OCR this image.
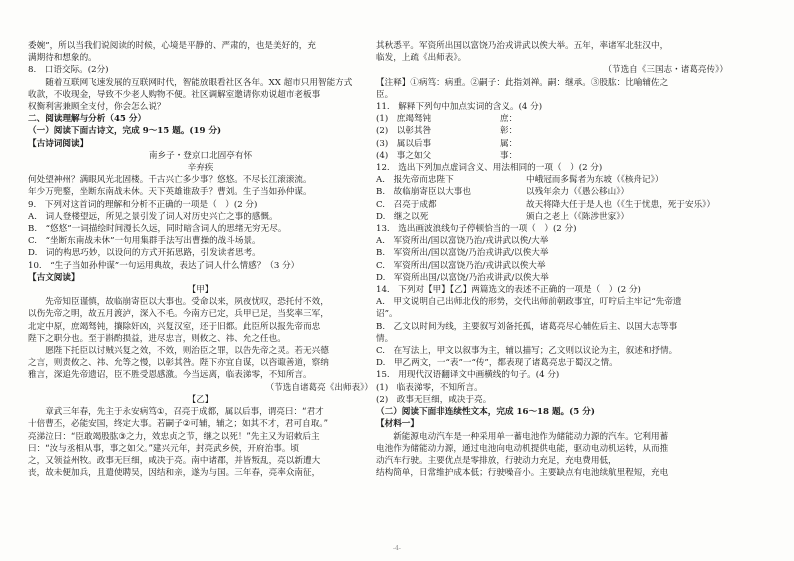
委婉”，所以当我们说阅读的时候，心境是平静的、严肃的，也是美好的，充
满期待和想象的。
8.　口语交际。(2分)
随着互联网飞速发展的互联网时代，智能放眼看社区各年。XX 超市只用智能方式
收款，不收现金，导致不少老人购物不便。社区调解室邀请你劝说超市老板事
权衡利害兼顾全支付，你会怎么说？
二、阅读理解与分析（45 分）
（一）阅读下面古诗文，完成 9～15 题。(19 分)
【古诗词阅读】
南乡子・登京口北固亭有怀
辛弃疾
何处望神州？满眼风光北固楼。千古兴亡多少事？悠悠。不尽长江滚滚流。
年少万兜鍪，坐断东南战未休。天下英雄谁敌手？曹刘。生子当如孙仲谋。
9.　下列对这首词的理解和分析不正确的一项是（　）(2 分)
A.　词人登楼望远，所见之景引发了词人对历史兴亡之事的感慨。
B.　“悠悠”一词描绘时间漫长久远，同时暗含词人的思绪无穷无尽。
C.　“坐断东南战未休”一句用集群手法写出曹操的战斗场景。
D.　词的构思巧妙，以设问的方式开拓思路，引发读者思考。
10.　“生子当如孙仲谋”一句运用典故，表达了词人什么情感？（3 分）
【古文阅读】
【甲】
先帝知臣谨慎，故临崩寄臣以大事也。受命以来，夙夜忧叹，恐托付不效，
以伤先帝之明，故五月渡泸，深入不毛。今南方已定，兵甲已足，当奖率三军，
北定中原，庶竭驽钝，攘除奸凶，兴复汉室，还于旧都。此臣所以报先帝而忠
陛下之职分也。至于斟酌损益，进尽忠言，则攸之、祎、允之任也。
愿陛下托臣以讨贼兴复之效，不效，则治臣之罪，以告先帝之灵。若无兴德
之言，则责攸之、祎、允等之慢，以彰其咎。陛下亦宜自谋，以咨诹善道，察纳
雅言，深追先帝遗诏，臣不胜受恩感激。今当远离，临表涕零，不知所言。
（节选自诸葛亮《出师表》）
【乙】
章武三年春，先主于永安病笃①，召亮于成都，属以后事，谓亮曰：“君才
十倍曹丕，必能安国，终定大事。若嗣子②可辅，辅之；如其不才，君可自取。”
亮涕泣曰：“臣敢竭股肱③之力，效忠贞之节，继之以死！”先主又为诏敕后主
曰：“汝与丞相从事，事之如父。”建兴元年，封亮武乡侯，开府治事。顷
之，又领益州牧。政事无巨细，咸决于亮。南中诸郡，并皆叛乱，亮以新遭大
丧，故未便加兵，且遣使聘吴，因结和亲，遂为与国。三年春，亮率众南征，
其秋悉平。军资所出国以富饶乃治戎讲武以俟大举。五年，率诸军北驻汉中，
临发，上疏《出师表》。
（节选自《三国志・诸葛亮传》）
【注释】①病笃：病重。②嗣子：此指刘禅。嗣：继承。③股肱：比喻辅佐之
臣。
11.　解释下列句中加点实词的含义。(4 分)
(1)　庶竭驽钝	庶：
(2)　以彰其咎	彰：
(3)　属以后事	属：
(4)　事之如父	事：
12.　选出下列加点虚词含义、用法相同的一项（　）(2 分)
A.　报先帝而忠陛下	中峨冠而多髯者为东坡（《核舟记》）
B.　故临崩寄臣以大事也	以残年余力（《愚公移山》）
C.　召亮于成都	故天将降大任于是人也（《生于忧患，死于安乐》）
D.　继之以死	颁白之老上（《陈涉世家》）
13.　选出画波浪线句子停顿恰当的一项（　）(2 分)
A.　军资所出/国以富饶乃治/戎讲武以俟/大举
B.　军资所出/国以富饶/乃治戎讲武/以俟大举
C.　军资所出/国以富饶乃治/戎讲武以俟大举
D.　军资所出国/以富饶/乃治戎讲武/以俟大举
14.　下列对【甲】【乙】两篇选文的表述不正确的一项是（　）(2 分)
A.　甲文说明自己出师北伐的形势，交代出师前朝政事宜，叮咛后主牢记“先帝遗
诏”。
B.　乙文以时间为线，主要叙写刘备托孤，诸葛亮尽心辅佐后主、以国大志等事
情。
C.　在写法上，甲文以叙事为主，辅以描写；乙文则以议论为主，叙述和抒情。
D.　甲乙两文，一“表”一“传”，都表现了诸葛亮忠于蜀汉之情。
15.　用现代汉语翻译文中画横线的句子。(4 分)
(1)　临表涕零，不知所言。
(2)　政事无巨细，咸决于亮。
（二）阅读下面非连续性文本，完成 16～18 题。(5 分)
【材料一】
新能源电动汽车是一种采用单一蓄电池作为储能动力源的汽车。它利用蓄
电池作为储能动力源，通过电池向电动机提供电能，驱动电动机运转，从而推
动汽车行驶。主要优点是零排放，行驶动力充足，充电费用低，
结构简单，日常维护成本低；行驶噪音小。主要缺点有电池续航里程短，充电
-4-
